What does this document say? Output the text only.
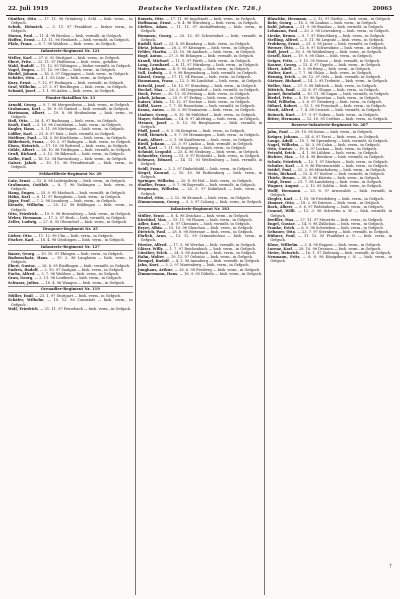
22. Juli 1919	Deutsche Verlustlisten (Nr. 726.)	20063

Günther, Otto, — 17. 11. 96 Grünberg i. Schl. — bish. verm. , in Gefgsch.

Schuh, Heinrich, — 3. 11. 97 Frankfurt — bisher verm., in Gefgsch.

Maron, Paul, — 11. 4. 98 Breslau — bish. vermißt, in Gefgsch.

Hoffen, Ernst, — 13. 11. 96 Neukirch — bish. vermißt, in Gefgsch.

Pfalz, Franz, — 8. 7. 98 Waldsee — bish. verm., in Gefgsch.

Infanterie-Regiment Nr. 121

Weller, Karl, — 27. 6. 92 Stuttgart — bish. verm., in Gefgsch.

Ebert, Fritz, — 22. 11. 97 Heilbronn — bish. verm., gefallen

Wahl, Rudolf, — 11. 12. 95 Tübingen — bisher vermißt, in Gefgsch.

Vogel, Eugen, — 17. 10. 99 Ulm — bish. verm., in Gefgsch.

Riedel, Johann, — 16. 3. 97 Göppingen — bish. verm., in Gefgsch.

Schäfer, Otto, — 4. 1. 93 Calw — bish. verm., in Gefgsch.

Kurz, Ernst, — 7. 12. 97 Esslingen — bish. vermißt, in Gefgsch.

Graf, Wilhelm, — 27. 3. 97 Reutlingen — bish. verm., in Gefgsch.

Schmid, Josef, — 1. 1. 98 Aalen — bish. verm., in Gefgsch.

Pionier-Bataillon Nr. 13

Arnold, Georg, — 9. 7. 98 Mergentheim — bish. verm., in Gefgsch.

Grahmann, Karl, — 18. 9. 95 Gmünd — bish. vermißt, in Gefgsch.

Hartmann, Albert, — 19. 8. 98 Heidenheim — bish. verm., in Gefgsch.

Hoß, Otto, — 26. 4. 97 Backnang — bish. verm., in Gefgsch.

Kraft, Emil, — 3. 10. 96 Crailsheim — bish. verm., in Gefgsch.

Kugler, Hans, — 5. 11. 98 Nürtingen — bish. verm., in Gefgsch.

Löffler, Karl, — 21. 6. 97 Sulz — bish. vermißt, in Gefgsch.

Meißner, Paul, — 14. 5. 96 Kirchheim — bish. verm., in Gefgsch.

Bilderbeck, Franz, — 10. 2. 97 Balingen — bish. verm., in Gefgsch.

Eisen, Heinrich, — 17. 10. 98 Rottweil — bish. verm., in Gefgsch.

Göhle, Albert, — 26. 10. 96 Tuttlingen — bish. vermißt, in Gefgsch.

Gruß, Richard, — 2. 12. 98 Biberach — bish. verm., in Gefgsch.

Kolbe, Emil, — 16. 12. 94 Ravensburg — bish. verm., in Gefgsch.

Gaiser, Jakob, — 10. 11. 96 Freudenstadt — bish. verm., in Gefgsch.

Feldartillerie-Regiment Nr. 29

Lutz, Ernst, — 12. 6. 98 Ludwigsburg — bish. verm., in Gefgsch.

Grahmann, Gottlob, — 8. 7. 96 Vaihingen — bish. verm., in Gefgsch.

Haug, Eugen, — 25. 9. 95 Marbach — bish. vermißt, in Gefgsch.

Höhn, Karl, — 8. 11. 97 Besigheim — bish. verm., in Gefgsch.

Jäger, Paul, — 7. 2. 98 Leonberg — bish. verm., in Gefgsch.

Kienzle, Wilhelm, — 25. 12. 98 Böblingen — bish. verm., in Gefgsch.

Otto, Friedrich, — 19. 9. 96 Herrenberg — bish. verm., in Gefgsch.

Weber, Hermann, — 17. 2. 97 Horb — bish. vermißt, in Gefgsch.

Zeller, Ludwig, — 27. 8. 95 Oberndorf — bish. verm., in Gefgsch.

Dragoner-Regiment Nr. 25

Lieber, Otto, — 11. 12. 98 Ulm — bish. verm., in Gefgsch.

Fischer, Karl, — 18. 4. 98 Geislingen — bish. verm., in Gefgsch.

Infanterie-Regiment Nr. 127

Bauer, Georg, — 19. 10. 97 Ehingen — bish. verm., in Gefgsch.

Bodenschatz, Hans, — 19. 2. 96 Laupheim — bish. verm., in Gefgsch.

Ebert, Gustav, — 26. 8. 95 Riedlingen — bish. vermißt, in Gefgsch.

Endres, Rudolf, — 2. 10. 97 Saulgau — bish. verm., in Gefgsch.

Fuchs, Alfred, — 3. 7. 96 Waldsee — bish. verm., in Gefgsch.

Grau, Georg, — 2. 11. 98 Leutkirch — bish. verm., in Gefgsch.

Schwarz, Julius, — 18. 4. 96 Wangen — bish. verm., in Gefgsch.

Grenadier-Regiment Nr. 119

Müller, Emil, — 23. 1. 97 Stuttgart — bish. verm., in Gefgsch.

Schäfer, Wilhelm, — 10. 12. 96 Cannstatt — bish. verm., in Gefgsch.

Wolf, Friedrich, — 21. 11. 97 Feuerbach — bish. verm., in Gefgsch.

Romeis, Otto, — 17. 11. 96 Ingolstadt — bish. verm., in Gefgsch.

Hoffmann, Ernst, — 8. 4. 96 Würzburg — bish. verm., in Gefgsch.

Gießen, Adam, — 11. 11. 97 Aschaffenburg — bish. verm., in Gefgsch.

Hemmen, Georg, — 20. 12. 95 Schweinfurt — bish. vermißt, in Gefgsch.

Rudolf, Karl, — 23. 4. 98 Bamberg — bish. verm., in Gefgsch.

Dietz, Johann, — 28. 2. 97 Kitzingen — bish. verm., in Gefgsch.

Felder, Martin, — 13. 10. 96 Ansbach — bish. verm., in Gefgsch.

Hopf, Anton, — 27. 3. 96 Erlangen — bish. vermißt, in Gefgsch.

Krauß, Michael, — 11. 5. 97 Fürth — bish. verm., in Gefgsch.

Lang, Leonhard, — 6. 11. 97 Nürnberg — bish. verm., in Gefgsch.

Maier, Johann, — 4. 9. 95 Amberg — bish. verm., in Gefgsch.

Voll, Ludwig, — 5. 9. 98 Regensburg — bish. vermißt, in Gefgsch.

Kinzel, Georg, — 17. 11. 94 Passau — bish. verm., in Gefgsch.

Hausmann, Franz, — 12. 5. 96 Landshut — bish. verm., in Gefgsch.

Reischl, Josef, — 16. 12. 97 Straubing — bish. verm., in Gefgsch.

Heckel, Max, — 26. 2. 94 Deggendorf — bish. vermißt, in Gefgsch.

Hock, Peter, — 30. 11. 95 Freising — bish. verm., in Gefgsch.

Jakob, Johann, — 29. 9. 97 Erding — bish. verm., in Gefgsch.

Kaiser, Alois, — 15. 12. 97 Dachau — bish. verm., in Gefgsch.

Kölbl, Xaver, — 7. 7. 95 Rosenheim — bish. vermißt, in Gefgsch.

Kraus, Anton, — 10. 3. 98 Traunstein — bish. verm., in Gefgsch.

Lindner, Georg, — 8. 10. 96 Mühldorf — bish. verm., in Gefgsch.

Mayer, Sebastian, — 14. 8. 97 Altötting — bish. verm., in Gefgsch.

Mesner, Josef, — 5. 12. 96 Burghausen — bish. vermißt, in Gefgsch.

Pfaff, Josef, — 8. 3. 98 Kempten — bish. verm., in Gefgsch.

Pröll, Heinrich, — 9. 7. 98 Memmingen — bish. verm., in Gefgsch.

Raab, Albert, — 2. 1. 96 Kaufbeuren — bish. verm., in Gefgsch.

Riedl, Johann, — 22. 3. 97 Lindau — bish. vermißt, in Gefgsch.

Ruß, Karl, — 7. 11. 95 Augsburg — bish. verm., in Gefgsch.

Schmid, Leopold, — 23. 4. 96 Neuburg — bish. verm., in Gefgsch.

Schneider, Georg, — 13. 9. 97 Eichstätt — bish. verm., in Gefgsch.

Schwarz, Eduard, — 14. 11. 93 Weißenburg — bish. vermißt, in Gefgsch.

Seidl, Franz, — 2. 2. 97 Dinkelsbühl — bish. verm., in Gefgsch.

Siegel, Konrad, — 10. 10. 98 Rothenburg — bish. verm., in Gefgsch.

Springer, Wilhelm, — 20. 8. 96 Hof — bish. verm., in Gefgsch.

Stadler, Franz, — 9. 7. 96 Bayreuth — bish. vermißt, in Gefgsch.

Stegmann, Wilhelm, — 25. 5. 97 Kulmbach — bish. verm., in Gefgsch.

Strobel, Otto, — 2. 12. 96 Kronach — bish. verm., in Gefgsch.

Zimmermann, Georg, — 3. 3. 97 Coburg — bish. verm., in Gefgsch.

Infanterie-Regiment Nr. 183

Müller, Ernst, — 8. 4. 96 Zwickau — bish. verm., in Gefgsch.

Kirchhof, Max, — 19. 11. 98 Plauen — bish. verm., in Gefgsch.

Adler, Kurt, — 7. 6. 97 Chemnitz — bish. vermißt, in Gefgsch.

Beyer, Albin, — 15. 10. 96 Glauchau — bish. verm., in Gefgsch.

Dietrich, Paul, — 28. 8. 98 Meerane — bish. verm., in Gefgsch.

Ehrlich, Arno, — 13. 12. 95 Crimmitschau — bish. verm., in Gefgsch.

Förster, Alfred, — 17. 5. 96 Werdau — bish. vermißt, in Gefgsch.

Gläser, Willy, — 1. 7. 97 Reichenbach — bish. verm., in Gefgsch.

Günther, Erich, — 24. 9. 98 Auerbach — bish. verm., in Gefgsch.

Hahn, Walter, — 19. 12. 97 Oelsnitz — bish. verm., in Gefgsch.

Hempel, Rudolf, — 4. 3. 96 Annaberg — bish. vermißt, in Gefgsch.

Jahn, Kurt, — 3. 2. 97 Marienberg — bish. verm., in Gefgsch.

Junghans, Arthur, — 26. 6. 98 Freiberg — bish. verm., in Gefgsch.

Zimmermann, Hans, — 16. 9. 95 Döbeln — bish. verm., in Gefgsch.

Blaschke, Hermann, — 2. 12. 97 Görlitz — bish. verm., in Gefgsch.

Rohr, Georg, — 18. 2. 96 Lauban — bish. verm., in Gefgsch.

Kahl, Johann, — 21. 9. 96 Bunzlau — bish. vermißt, in Gefgsch.

Lehmann, Paul, — 20. 2. 96 Löwenberg — bish. verm., in Gefgsch.

Lieske, Bruno, — 9. 7. 97 Hirschberg — bish. verm., in Gefgsch.

Stelling, Alfred, — 5. 11. 96 Liegnitz — bish. verm., in Gefgsch.

Frohberg, Ernst, — 23. 3. 98 Jauer — bish. vermißt, in Gefgsch.

Werner, Otto, — 12. 8. 97 Schweidnitz — bish. verm., in Gefgsch.

Hoff, Josef, — 30. 3. 96 Waldenburg — bish. verm., in Gefgsch.

Gesell, Kurt, — 19. 9. 98 Glatz — bish. verm., in Gefgsch.

Geiger, Fritz, — 1. 11. 95 Neisse — bish. vermißt, in Gefgsch.

Krause, Georg, — 13. 4. 97 Oppeln — bish. verm., in Gefgsch.

Ebert, Adolf, — 9. 3. 98 Brieg — bish. verm., in Gefgsch.

Walter, Kurt, — 7. 7. 96 Ohlau — bish. verm., in Gefgsch.

Hennig, Erich, — 26. 12. 97 Oels — bish. vermißt, in Gefgsch.

Gärtner, Richard, — 14. 2. 95 Trebnitz — bish. verm., in Gefgsch.

Weller, Max, — 27. 5. 98 Militsch — bish. verm., in Gefgsch.

Dittrich, Emil, — 22. 8. 97 Glogau — bish. verm., in Gefgsch.

Jaenel, Reinhold, — 10. 11. 98 Sagan — bish. vermißt, in Gefgsch.

Riedel, Fritz, — 8. 10. 96 Sprottau — bish. verm., in Gefgsch.

Pohl, Wilhelm, — 3. 6. 97 Grünberg — bish. verm., in Gefgsch.

Söhnel, Robert, — 13. 1. 96 Freystadt — bish. verm., in Gefgsch.

Streit, Alfred, — 7. 4. 98 Crossen — bish. vermißt, in Gefgsch.

Reinsch, Kurt, — 17. 9. 97 Guben — bish. verm., in Gefgsch.

Ritter, Hermann, — 12. 10. 95 Cottbus — bish. verm., in Gefgsch.

Reserve-Infanterie-Regiment Nr. 267

Jahn, Paul, — 29. 10. 98 Sorau — bish. verm., in Gefgsch.

Krüger, Johann, — 24. 6. 97 Forst — bish. verm., in Gefgsch.

Lange, Adolf, — 18. 7. 96 Spremberg — bish. vermißt, in Gefgsch.

Nagel, Wilhelm, — 16. 3. 98 Calau — bish. verm., in Gefgsch.

Otto, Gustav, — 19. 8. 97 Luckau — bish. verm., in Gefgsch.

Petzold, Erich, — 4. 1. 96 Lübben — bish. verm., in Gefgsch.

Richter, Max, — 10. 4. 98 Beeskow — bish. vermißt, in Gefgsch.

Schulz, Friedrich, — 12. 1. 97 Storkow — bish. verm., in Gefgsch.

Schulze, Karl, — 5. 9. 96 Fürstenwalde — bish. verm., in Gefgsch.

Seidel, Paul, — 22. 2. 98 Müncheberg — bish. verm., in Gefgsch.

Stein, Richard, — 15. 4. 97 Seelow — bish. vermißt, in Gefgsch.

Thiele, Bruno, — 30. 5. 96 Küstrin — bish. verm., in Gefgsch.

Voigt, Ernst, — 21. 7. 98 Landsberg — bish. verm., in Gefgsch.

Wagner, August, — 2. 12. 95 Soldin — bish. verm., in Gefgsch.

Wolff, Hermann, — 25. 8. 97 Arnswalde — bish. vermißt, in Gefgsch.

Ziegler, Karl, — 1. 10. 96 Friedeberg — bish. verm., in Gefgsch.

Zimmer, Otto, — 18. 2. 98 Driesen — bish. verm., in Gefgsch.

Bock, Albert, — 9. 6. 97 Woldenberg — bish. verm., in Gefgsch.

Conrad, Willi, — 12. 3. 96 Schwerin a. W. — bish. vermißt, in Gefgsch.

Dreßler, Max, — 27. 11. 97 Meseritz — bish. verm., in Gefgsch.

Engel, Gustav, — 14. 9. 98 Züllichau — bish. verm., in Gefgsch.

Franke, Erich, — 6. 5. 96 Schwiebus — bish. verm., in Gefgsch.

Gebauer, Otto, — 23. 7. 97 Sternberg — bish. vermißt, in Gefgsch.

Hübner, Paul, — 11. 12. 95 Frankfurt a. O. — bish. verm., in Gefgsch.

Klose, Wilhelm, — 3. 4. 98 Reppen — bish. verm., in Gefgsch.

Lorenz, Karl, — 28. 10. 96 Drossen — bish. verm., in Gefgsch.

Meier, Heinrich, — 16. 1. 97 Zielenzig — bish. vermißt, in Gefgsch.

Neumann, Fritz, — 8. 8. 98 Königsberg i. N. — bish. verm., in Gefgsch.

†
